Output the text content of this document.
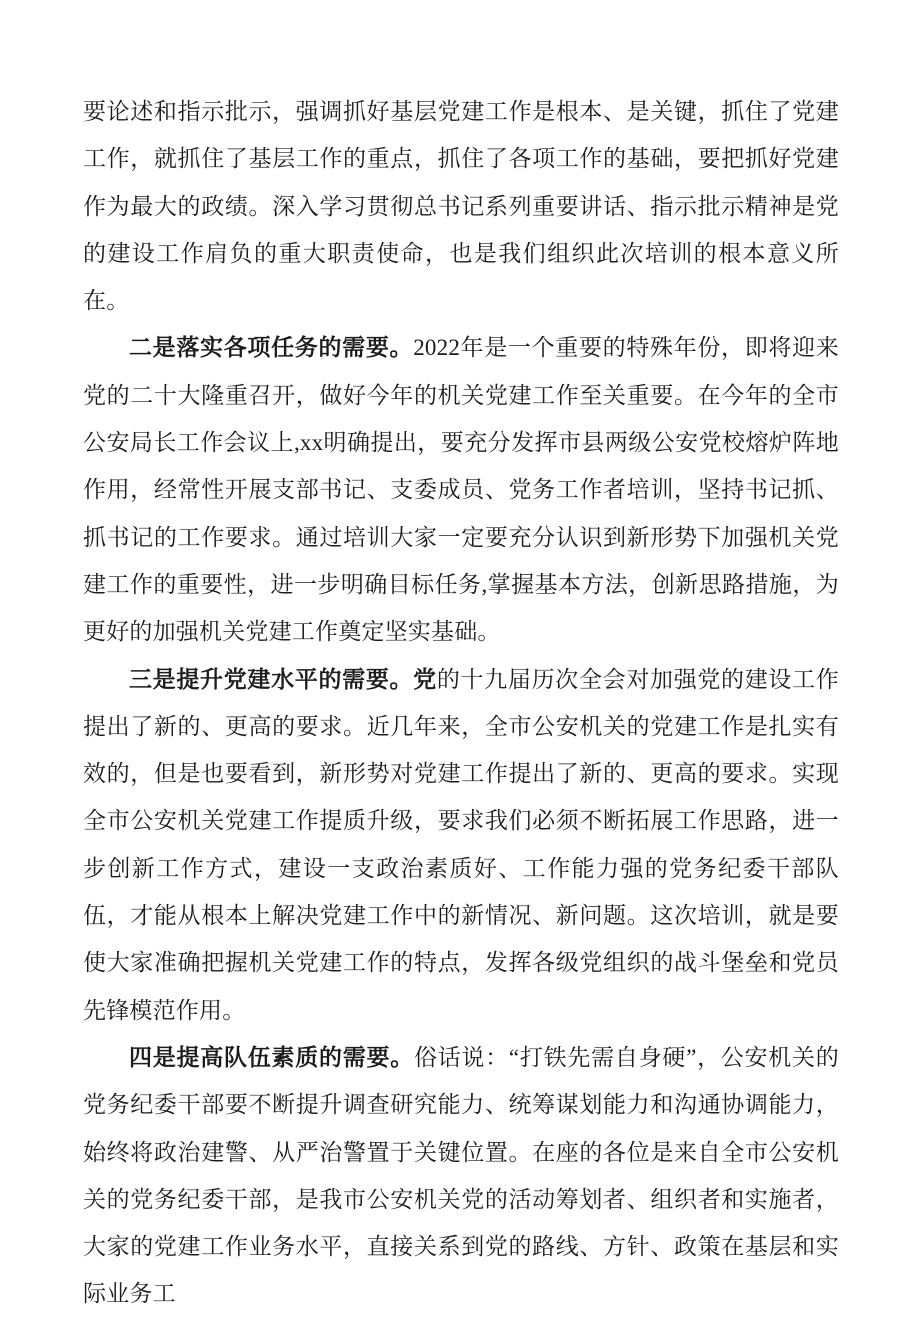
要论述和指示批示，强调抓好基层党建工作是根本、是关键，抓住了党建工作，就抓住了基层工作的重点，抓住了各项工作的基础，要把抓好党建作为最大的政绩。深入学习贯彻总书记系列重要讲话、指示批示精神是党的建设工作肩负的重大职责使命，也是我们组织此次培训的根本意义所在。

二是落实各项任务的需要。2022年是一个重要的特殊年份，即将迎来党的二十大隆重召开，做好今年的机关党建工作至关重要。在今年的全市公安局长工作会议上,xx明确提出，要充分发挥市县两级公安党校熔炉阵地作用，经常性开展支部书记、支委成员、党务工作者培训，坚持书记抓、抓书记的工作要求。通过培训大家一定要充分认识到新形势下加强机关党建工作的重要性，进一步明确目标任务,掌握基本方法，创新思路措施，为更好的加强机关党建工作奠定坚实基础。

三是提升党建水平的需要。党的十九届历次全会对加强党的建设工作提出了新的、更高的要求。近几年来，全市公安机关的党建工作是扎实有效的，但是也要看到，新形势对党建工作提出了新的、更高的要求。实现全市公安机关党建工作提质升级，要求我们必须不断拓展工作思路，进一步创新工作方式，建设一支政治素质好、工作能力强的党务纪委干部队伍，才能从根本上解决党建工作中的新情况、新问题。这次培训，就是要使大家准确把握机关党建工作的特点，发挥各级党组织的战斗堡垒和党员先锋模范作用。

四是提高队伍素质的需要。俗话说：“打铁先需自身硬”，公安机关的党务纪委干部要不断提升调查研究能力、统筹谋划能力和沟通协调能力，始终将政治建警、从严治警置于关键位置。在座的各位是来自全市公安机关的党务纪委干部，是我市公安机关党的活动筹划者、组织者和实施者，大家的党建工作业务水平，直接关系到党的路线、方针、政策在基层和实际业务工
